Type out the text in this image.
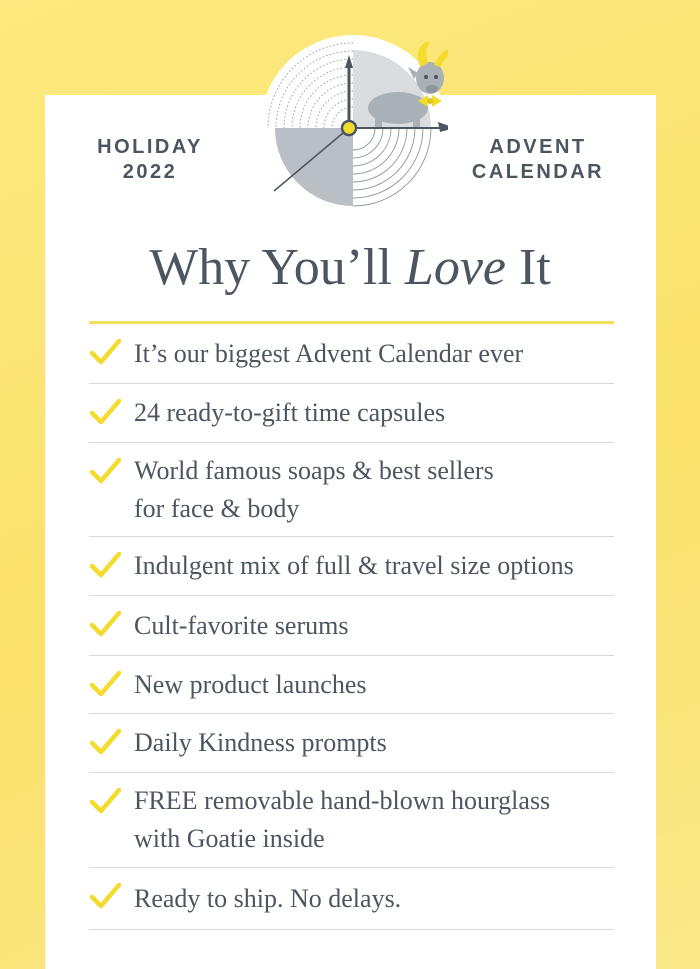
HOLIDAY
2022
ADVENT
CALENDAR
Why You’ll Love It
It’s our biggest Advent Calendar ever
24 ready-to-gift time capsules
World famous soaps & best sellers
for face & body
Indulgent mix of full & travel size options
Cult-favorite serums
New product launches
Daily Kindness prompts
FREE removable hand-blown hourglass
with Goatie inside
Ready to ship. No delays.
